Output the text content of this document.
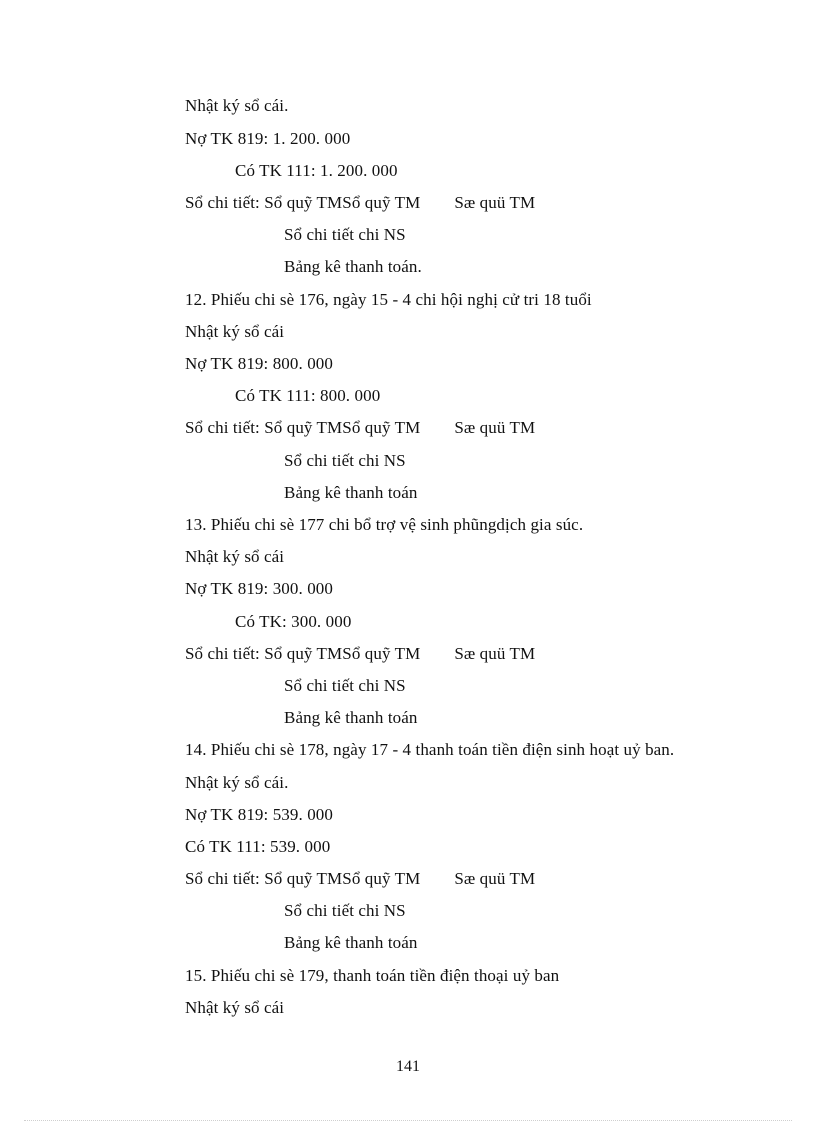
Nhật ký sổ cái.
Nợ TK 819: 1. 200. 000
Có TK 111: 1. 200. 000
Sổ chi tiết: Sổ quỹ TMSổ quỹ TM Sæ quü TM
Sổ chi tiết chi NS
Bảng kê thanh toán.
12. Phiếu chi sè 176, ngày 15 - 4 chi hội nghị cử tri 18 tuổi
Nhật ký sổ cái
Nợ TK 819: 800. 000
Có TK 111: 800. 000
Sổ chi tiết: Sổ quỹ TMSổ quỹ TM Sæ quü TM
Sổ chi tiết chi NS
Bảng kê thanh toán
13. Phiếu chi sè 177 chi bổ trợ vệ sinh phũngdịch gia súc.
Nhật ký sổ cái
Nợ TK 819: 300. 000
Có TK: 300. 000
Sổ chi tiết: Sổ quỹ TMSổ quỹ TM Sæ quü TM
Sổ chi tiết chi NS
Bảng kê thanh toán
14. Phiếu chi sè 178, ngày 17 - 4 thanh toán tiền điện sinh hoạt uỷ ban.
Nhật ký sổ cái.
Nợ TK 819: 539. 000
Có TK 111: 539. 000
Sổ chi tiết: Sổ quỹ TMSổ quỹ TM Sæ quü TM
Sổ chi tiết chi NS
Bảng kê thanh toán
15. Phiếu chi sè 179, thanh toán tiền điện thoại uỷ ban
Nhật ký sổ cái
141
